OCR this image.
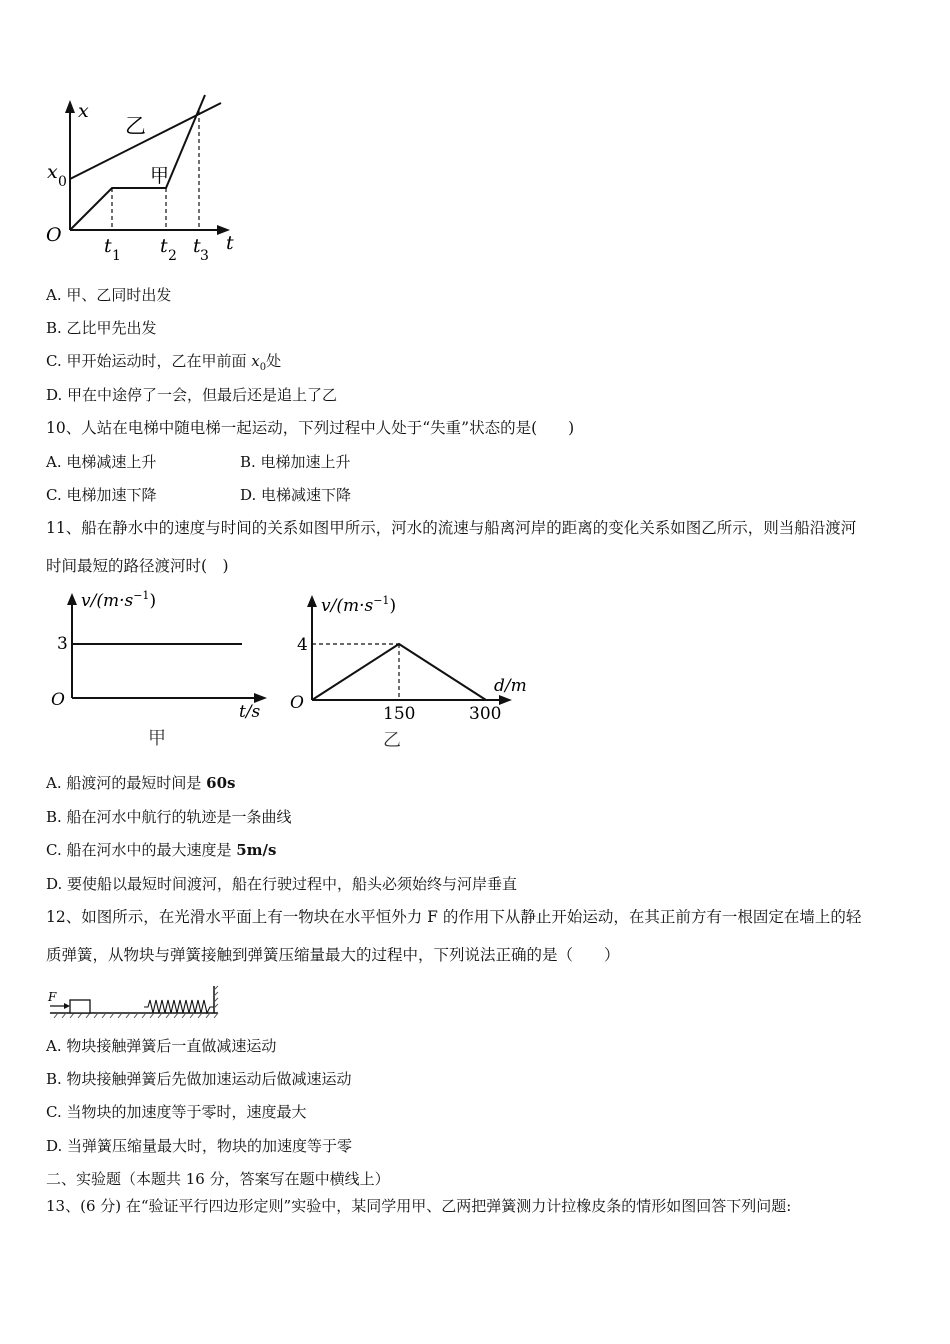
x
t
O
x 0
t 1 t 2 t 3
乙
甲

A. 甲、乙同时出发

B. 乙比甲先出发

C. 甲开始运动时，乙在甲前面 $x_0$处

D. 甲在中途停了一会，但最后还是追上了乙

10、人站在电梯中随电梯一起运动，下列过程中人处于“失重”状态的是(　　)

A. 电梯减速上升	B. 电梯加速上升

C. 电梯加速下降	D. 电梯减速下降

11、船在静水中的速度与时间的关系如图甲所示，河水的流速与船离河岸的距离的变化关系如图乙所示，则当船沿渡河

时间最短的路径渡河时(　)

$v/(m\cdot s^{-1})$
3
O
t/s
甲
$v/(m\cdot s^{-1})$
4
O
d/m
150	300
乙

A. 船渡河的最短时间是 60s

B. 船在河水中航行的轨迹是一条曲线

C. 船在河水中的最大速度是 5m/s

D. 要使船以最短时间渡河，船在行驶过程中，船头必须始终与河岸垂直

12、如图所示，在光滑水平面上有一物块在水平恒外力 F 的作用下从静止开始运动，在其正前方有一根固定在墙上的轻

质弹簧，从物块与弹簧接触到弹簧压缩量最大的过程中，下列说法正确的是（　　）

F

A. 物块接触弹簧后一直做减速运动

B. 物块接触弹簧后先做加速运动后做减速运动

C. 当物块的加速度等于零时，速度最大

D. 当弹簧压缩量最大时，物块的加速度等于零

二、实验题（本题共 16 分，答案写在题中横线上）

13、(6 分) 在“验证平行四边形定则”实验中，某同学用甲、乙两把弹簧测力计拉橡皮条的情形如图回答下列问题:
